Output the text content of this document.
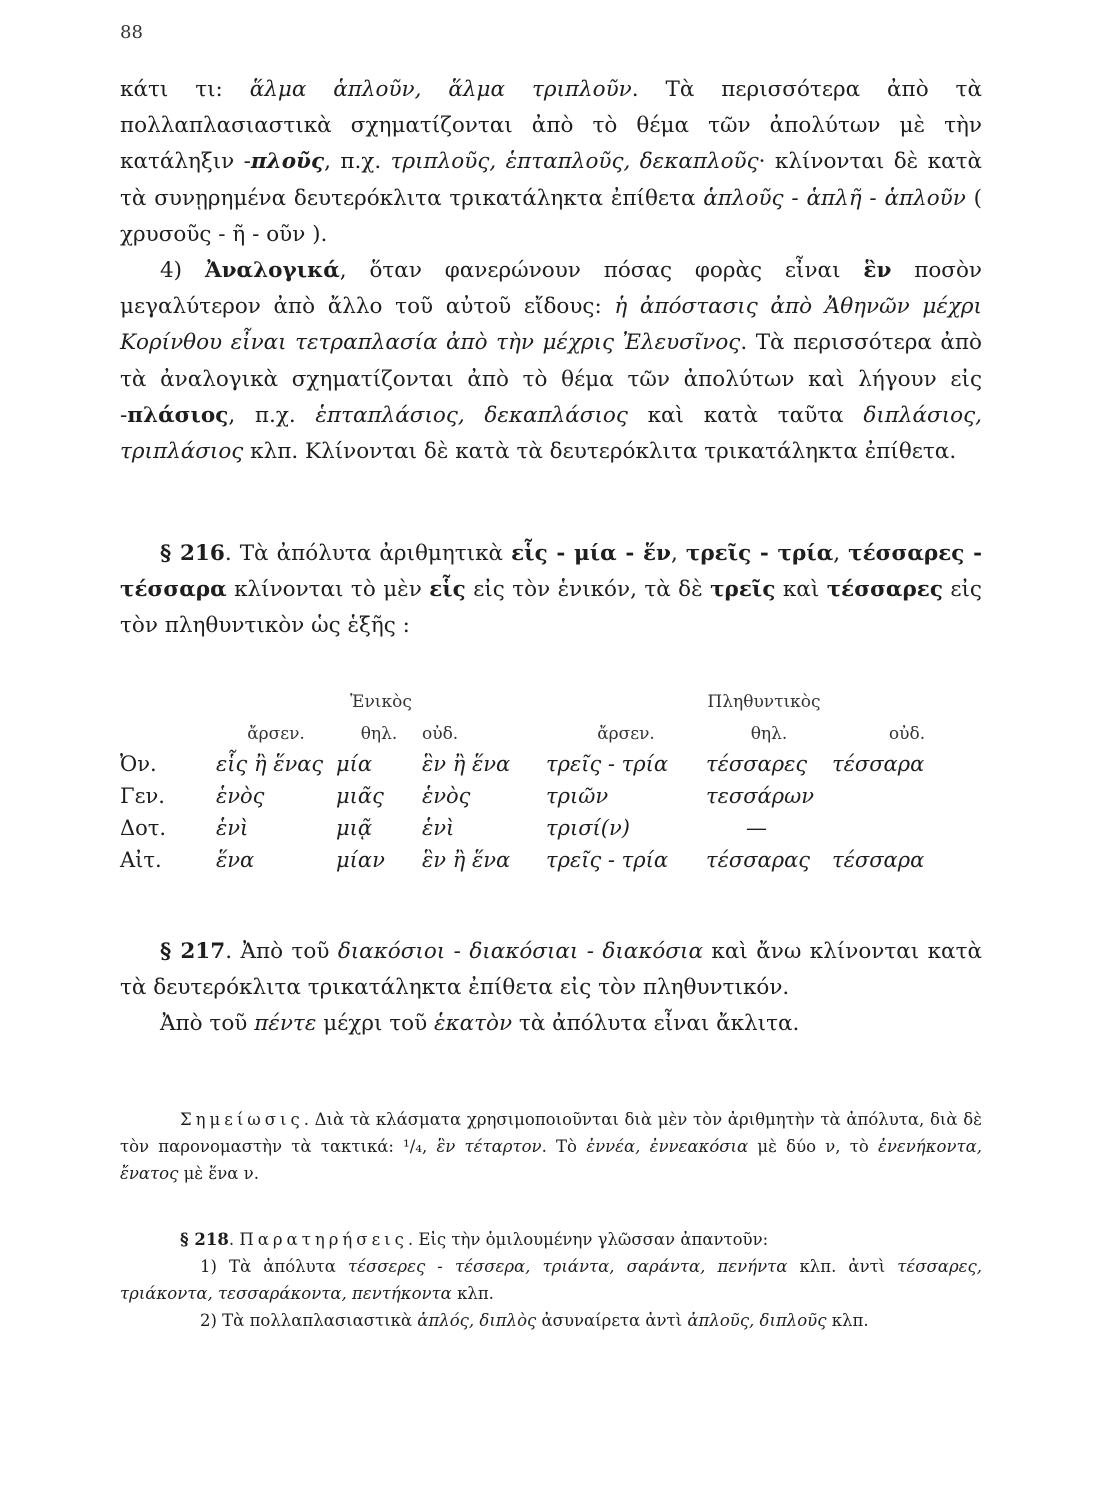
88

κάτι τι: ἅλμα ἁπλοῦν, ἅλμα τριπλοῦν. Τὰ περισσότερα ἀπὸ τὰ πολλαπλασιαστικὰ σχηματίζονται ἀπὸ τὸ θέμα τῶν ἀπολύτων μὲ τὴν κατάληξιν -πλοῦς, π.χ. τριπλοῦς, ἑπταπλοῦς, δεκαπλοῦς· κλίνονται δὲ κατὰ τὰ συνῃρημένα δευτερόκλιτα τρικατάληκτα ἐπίθετα ἁπλοῦς - ἁπλῆ - ἁπλοῦν ( χρυσοῦς - ῆ - οῦν ).

4) Ἀναλογικά, ὅταν φανερώνουν πόσας φορὰς εἶναι ἓν ποσὸν μεγαλύτερον ἀπὸ ἄλλο τοῦ αὐτοῦ εἴδους: ἡ ἀπόστασις ἀπὸ Ἀθηνῶν μέχρι Κορίνθου εἶναι τετραπλασία ἀπὸ τὴν μέχρις Ἐλευσῖνος. Τὰ περισσότερα ἀπὸ τὰ ἀναλογικὰ σχηματίζονται ἀπὸ τὸ θέμα τῶν ἀπολύτων καὶ λήγουν εἰς -πλάσιος, π.χ. ἑπταπλάσιος, δεκαπλάσιος καὶ κατὰ ταῦτα διπλάσιος, τριπλάσιος κλπ. Κλίνονται δὲ κατὰ τὰ δευτερόκλιτα τρικατάληκτα ἐπίθετα.

§ 216. Τὰ ἀπόλυτα ἀριθμητικὰ εἷς - μία - ἕν, τρεῖς - τρία, τέσσαρες - τέσσαρα κλίνονται τὸ μὲν εἷς εἰς τὸν ἑνικόν, τὰ δὲ τρεῖς καὶ τέσσαρες εἰς τὸν πληθυντικὸν ὡς ἑξῆς :

	Ἑνικὸς			Πληθυντικὸς		
	ἄρσεν.	θηλ.	οὐδ.	ἄρσεν.	θηλ.	οὐδ.
Ὀν.	εἷς ἢ ἕνας	μία	ἓν ἢ ἕνα	τρεῖς - τρία	τέσσαρες	τέσσαρα
Γεν.	ἑνὸς	μιᾶς	ἑνὸς	τριῶν	τεσσάρων	
Δοτ.	ἑνὶ	μιᾷ	ἑνὶ	τρισί(ν)	—	
Αἰτ.	ἕνα	μίαν	ἓν ἢ ἕνα	τρεῖς - τρία	τέσσαρας	τέσσαρα

§ 217. Ἀπὸ τοῦ διακόσιοι - διακόσιαι - διακόσια καὶ ἄνω κλίνονται κατὰ τὰ δευτερόκλιτα τρικατάληκτα ἐπίθετα εἰς τὸν πληθυντικόν.

Ἀπὸ τοῦ πέντε μέχρι τοῦ ἑκατὸν τὰ ἀπόλυτα εἶναι ἄκλιτα.

Σημείωσις. Διὰ τὰ κλάσματα χρησιμοποιοῦνται διὰ μὲν τὸν ἀριθμητὴν τὰ ἀπόλυτα, διὰ δὲ τὸν παρονομαστὴν τὰ τακτικά: ¹/₄, ἓν τέταρτον. Τὸ ἐννέα, ἐννεακόσια μὲ δύο ν, τὸ ἐνενήκοντα, ἔνατος μὲ ἕνα ν.

§ 218. Παρατηρήσεις. Εἰς τὴν ὁμιλουμένην γλῶσσαν ἀπαντοῦν:

1) Τὰ ἀπόλυτα τέσσερες - τέσσερα, τριάντα, σαράντα, πενήντα κλπ. ἀντὶ τέσσαρες, τριάκοντα, τεσσαράκοντα, πεντήκοντα κλπ.

2) Τὰ πολλαπλασιαστικὰ ἁπλός, διπλὸς ἀσυναίρετα ἀντὶ ἁπλοῦς, διπλοῦς κλπ.
